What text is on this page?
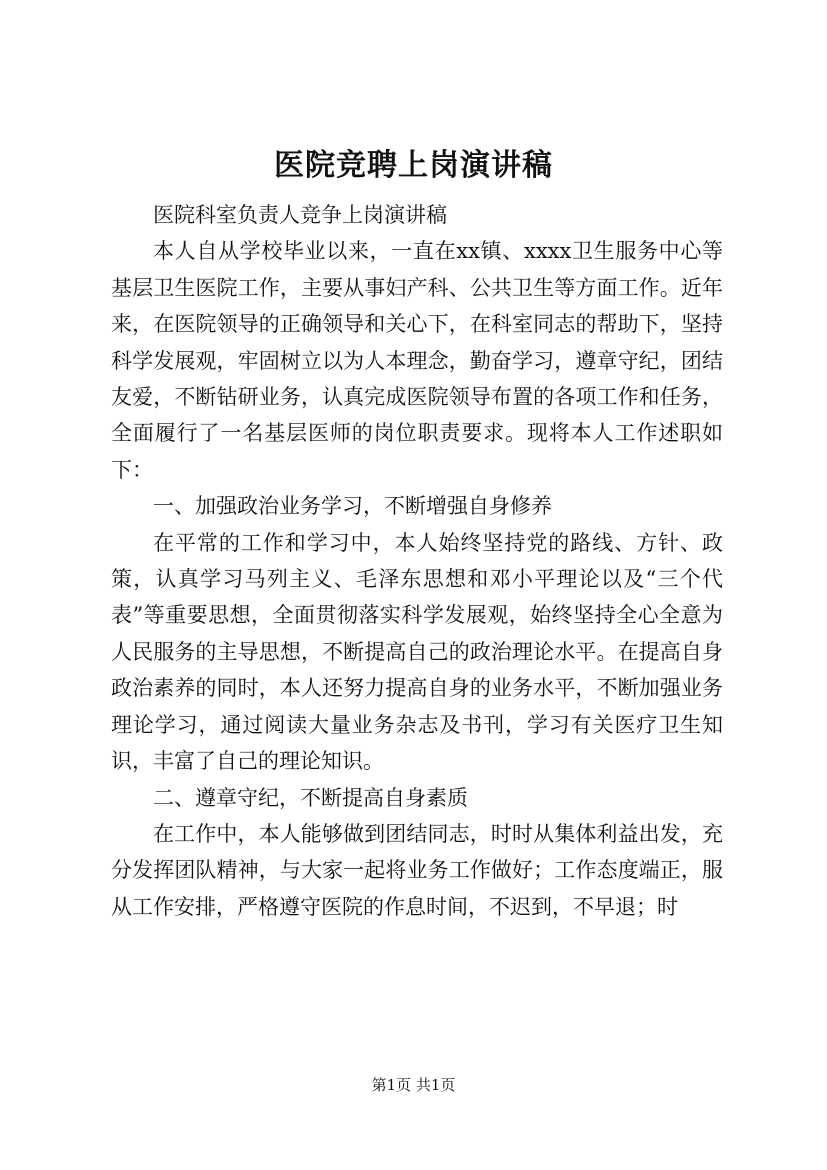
医院竞聘上岗演讲稿

医院科室负责人竞争上岗演讲稿

本人自从学校毕业以来，一直在xx镇、xxxx卫生服务中心等基层卫生医院工作，主要从事妇产科、公共卫生等方面工作。近年来，在医院领导的正确领导和关心下，在科室同志的帮助下，坚持科学发展观，牢固树立以为人本理念，勤奋学习，遵章守纪，团结友爱，不断钻研业务，认真完成医院领导布置的各项工作和任务，全面履行了一名基层医师的岗位职责要求。现将本人工作述职如下：

一、加强政治业务学习，不断增强自身修养

在平常的工作和学习中，本人始终坚持党的路线、方针、政策，认真学习马列主义、毛泽东思想和邓小平理论以及“三个代表”等重要思想，全面贯彻落实科学发展观，始终坚持全心全意为人民服务的主导思想，不断提高自己的政治理论水平。在提高自身政治素养的同时，本人还努力提高自身的业务水平，不断加强业务理论学习，通过阅读大量业务杂志及书刊，学习有关医疗卫生知识，丰富了自己的理论知识。

二、遵章守纪，不断提高自身素质

在工作中，本人能够做到团结同志，时时从集体利益出发，充分发挥团队精神，与大家一起将业务工作做好；工作态度端正，服从工作安排，严格遵守医院的作息时间，不迟到，不早退；时

第1页 共1页
